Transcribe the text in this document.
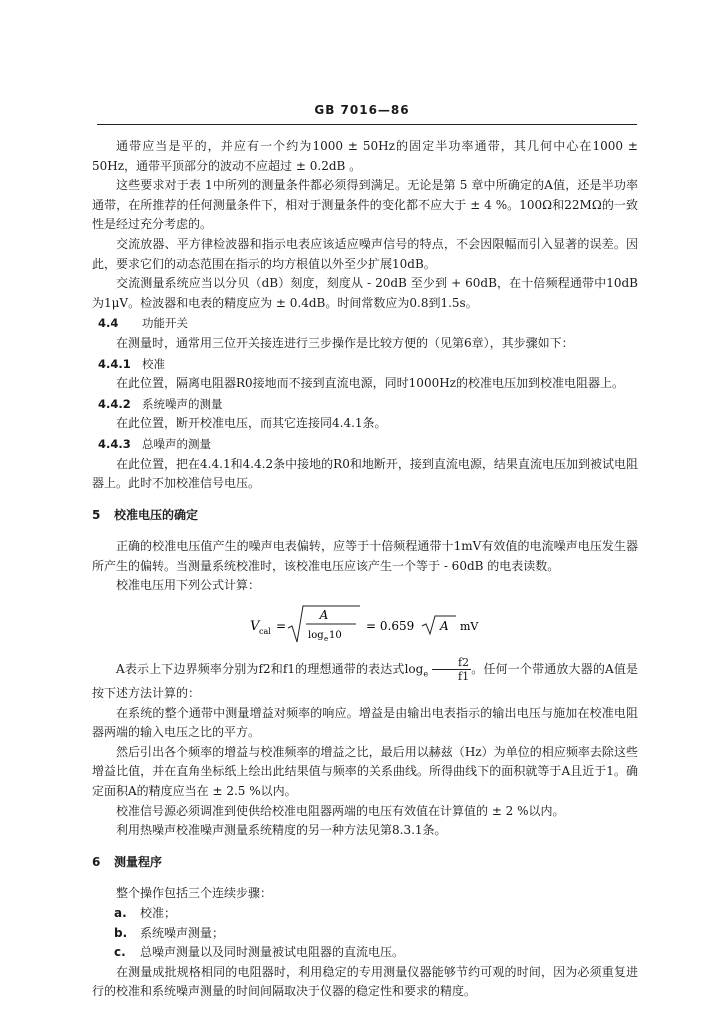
GB 7016—86

通带应当是平的，并应有一个约为1000 ± 50Hz的固定半功率通带，其几何中心在1000 ± 50Hz，通带平顶部分的波动不应超过 ± 0.2dB 。

这些要求对于表 1中所列的测量条件都必须得到满足。无论是第 5 章中所确定的A值，还是半功率通带，在所推荐的任何测量条件下，相对于测量条件的变化都不应大于 ± 4 %。100Ω和22MΩ的一致性是经过充分考虑的。

交流放器、平方律检波器和指示电表应该适应噪声信号的特点，不会因限幅而引入显著的误差。因此，要求它们的动态范围在指示的均方根值以外至少扩展10dB。

交流测量系统应当以分贝（dB）刻度，刻度从 - 20dB 至少到 + 60dB，在十倍频程通带中10dB为1μV。检波器和电表的精度应为 ± 0.4dB。时间常数应为0.8到1.5s。

4.4 功能开关

在测量时，通常用三位开关接连进行三步操作是比较方便的（见第6章），其步骤如下：

4.4.1 校准

在此位置，隔离电阻器R0接地而不接到直流电源，同时1000Hz的校准电压加到校准电阻器上。

4.4.2 系统噪声的测量

在此位置，断开校准电压，而其它连接同4.4.1条。

4.4.3 总噪声的测量

在此位置，把在4.4.1和4.4.2条中接地的R0和地断开，接到直流电源，结果直流电压加到被试电阻器上。此时不加校准信号电压。

5 校准电压的确定

正确的校准电压值产生的噪声电表偏转，应等于十倍频程通带十1mV有效值的电流噪声电压发生器所产生的偏转。当测量系统校准时，该校准电压应该产生一个等于 - 60dB 的电表读数。

校准电压用下列公式计算：

V cal =
A
log e 10
= 0.659 A mV

A表示上下边界频率分别为f2和f1的理想通带的表达式$\log_e \frac{f2}{f1}$ 。任何一个带通放大器的A值是按下述方法计算的：

在系统的整个通带中测量增益对频率的响应。增益是由输出电表指示的输出电压与施加在校准电阻器两端的输入电压之比的平方。

然后引出各个频率的增益与校准频率的增益之比，最后用以赫兹（Hz）为单位的相应频率去除这些增益比值，并在直角坐标纸上绘出此结果值与频率的关系曲线。所得曲线下的面积就等于A且近于1。确定面积A的精度应当在 ± 2.5 %以内。

校准信号源必须调准到使供给校准电阻器两端的电压有效值在计算值的 ± 2 %以内。

利用热噪声校准噪声测量系统精度的另一种方法见第8.3.1条。

6 测量程序

整个操作包括三个连续步骤：

a. 校准；
b. 系统噪声测量；
c. 总噪声测量以及同时测量被试电阻器的直流电压。

在测量成批规格相同的电阻器时，利用稳定的专用测量仪器能够节约可观的时间，因为必须重复进行的校准和系统噪声测量的时间间隔取决于仪器的稳定性和要求的精度。
